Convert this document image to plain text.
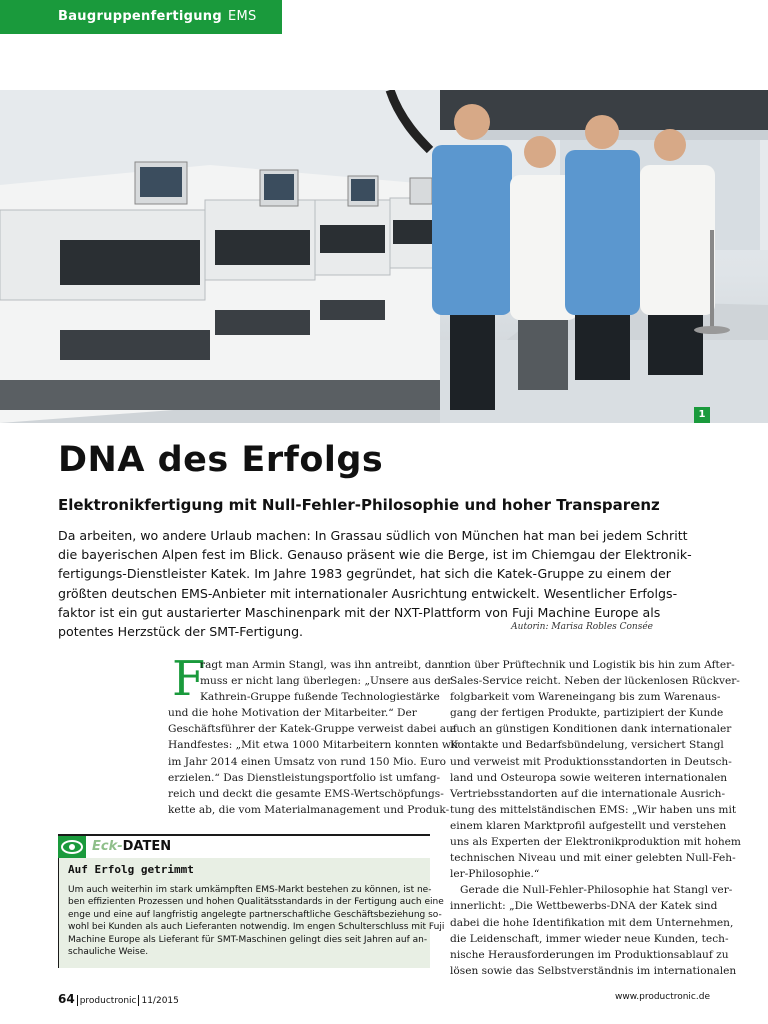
Baugruppenfertigung EMS
1
DNA des Erfolgs
Elektronikfertigung mit Null-Fehler-Philosophie und hoher Transparenz
Da arbeiten, wo andere Urlaub machen: In Grassau südlich von München hat man bei jedem Schritt
die bayerischen Alpen fest im Blick. Genauso präsent wie die Berge, ist im Chiemgau der Elektronik-
fertigungs-Dienstleister Katek. Im Jahre 1983 gegründet, hat sich die Katek-Gruppe zu einem der
größten deutschen EMS-Anbieter mit internationaler Ausrichtung entwickelt. Wesentlicher Erfolgs-
faktor ist ein gut austarierter Maschinenpark mit der NXT-Plattform von Fuji Machine Europe als
potentes Herzstück der SMT-Fertigung.	Autorin: Marisa Robles Consée
F
ragt man Armin Stangl, was ihn antreibt, dann
muss er nicht lang überlegen: „Unsere aus der
Kathrein-Gruppe fußende Technologiestärke
und die hohe Motivation der Mitarbeiter.“ Der
Geschäftsführer der Katek-Gruppe verweist dabei auf
Handfestes: „Mit etwa 1000 Mitarbeitern konnten wir
im Jahr 2014 einen Umsatz von rund 150 Mio. Euro
erzielen.“ Das Dienstleistungsportfolio ist umfang-
reich und deckt die gesamte EMS-Wertschöpfungs-
kette ab, die vom Materialmanagement und Produk-
tion über Prüftechnik und Logistik bis hin zum After-
Sales-Service reicht. Neben der lückenlosen Rückver-
folgbarkeit vom Wareneingang bis zum Warenaus-
gang der fertigen Produkte, partizipiert der Kunde
auch an günstigen Konditionen dank internationaler
Kontakte und Bedarfsbündelung, versichert Stangl
und verweist mit Produktionsstandorten in Deutsch-
land und Osteuropa sowie weiteren internationalen
Vertriebsstandorten auf die internationale Ausrich-
tung des mittelständischen EMS: „Wir haben uns mit
einem klaren Marktprofil aufgestellt und verstehen
uns als Experten der Elektronikproduktion mit hohem
technischen Niveau und mit einer gelebten Null-Feh-
ler-Philosophie.“
Gerade die Null-Fehler-Philosophie hat Stangl ver-
innerlicht: „Die Wettbewerbs-DNA der Katek sind
dabei die hohe Identifikation mit dem Unternehmen,
die Leidenschaft, immer wieder neue Kunden, tech-
nische Herausforderungen im Produktionsablauf zu
lösen sowie das Selbstverständnis im internationalen
Eck-DATEN
Auf Erfolg getrimmt
Um auch weiterhin im stark umkämpften EMS-Markt bestehen zu können, ist ne-
ben effizienten Prozessen und hohen Qualitätsstandards in der Fertigung auch eine
enge und eine auf langfristig angelegte partnerschaftliche Geschäftsbeziehung so-
wohl bei Kunden als auch Lieferanten notwendig. Im engen Schulterschluss mit Fuji
Machine Europe als Lieferant für SMT-Maschinen gelingt dies seit Jahren auf an-
schauliche Weise.
64 productronic 11/2015	www.productronic.de
